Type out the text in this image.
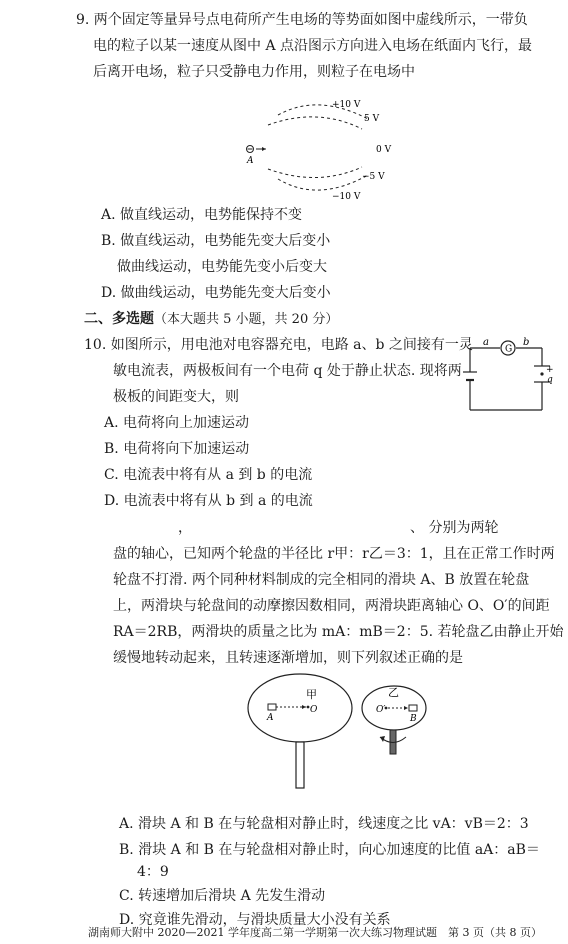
9. 两个固定等量异号点电荷所产生电场的等势面如图中虚线所示，一带负
电的粒子以某一速度从图中 A 点沿图示方向进入电场在纸面内飞行，最
后离开电场，粒子只受静电力作用，则粒子在电场中
A
+10 V
5 V
0 V
−5 V
−10 V
A. 做直线运动，电势能保持不变
B. 做直线运动，电势能先变大后变小
做曲线运动，电势能先变小后变大
D. 做曲线运动，电势能先变大后变小
二、多选题（本大题共 5 小题，共 20 分）
10. 如图所示，用电池对电容器充电，电路 a、b 之间接有一灵
敏电流表，两极板间有一个电荷 q 处于静止状态. 现将两
极板的间距变大，则
G
a	b
+
q
A. 电荷将向上加速运动
B. 电荷将向下加速运动
C. 电流表中将有从 a 到 b 的电流
D. 电流表中将有从 b 到 a 的电流
，	、 分别为两轮
盘的轴心，已知两个轮盘的半径比 r甲：r乙＝3：1，且在正常工作时两
轮盘不打滑. 两个同种材料制成的完全相同的滑块 A、B 放置在轮盘
上，两滑块与轮盘间的动摩擦因数相同，两滑块距离轴心 O、O′的间距
RA＝2RB，两滑块的质量之比为 mA：mB＝2：5. 若轮盘乙由静止开始
缓慢地转动起来，且转速逐渐增加，则下列叙述正确的是
甲	乙
A
O	O′
B
A. 滑块 A 和 B 在与轮盘相对静止时，线速度之比 vA：vB＝2：3
B. 滑块 A 和 B 在与轮盘相对静止时，向心加速度的比值 aA：aB＝
4：9
C. 转速增加后滑块 A 先发生滑动
D. 究竟谁先滑动，与滑块质量大小没有关系
湖南师大附中 2020—2021 学年度高二第一学期第一次大练习物理试题　第 3 页（共 8 页）
